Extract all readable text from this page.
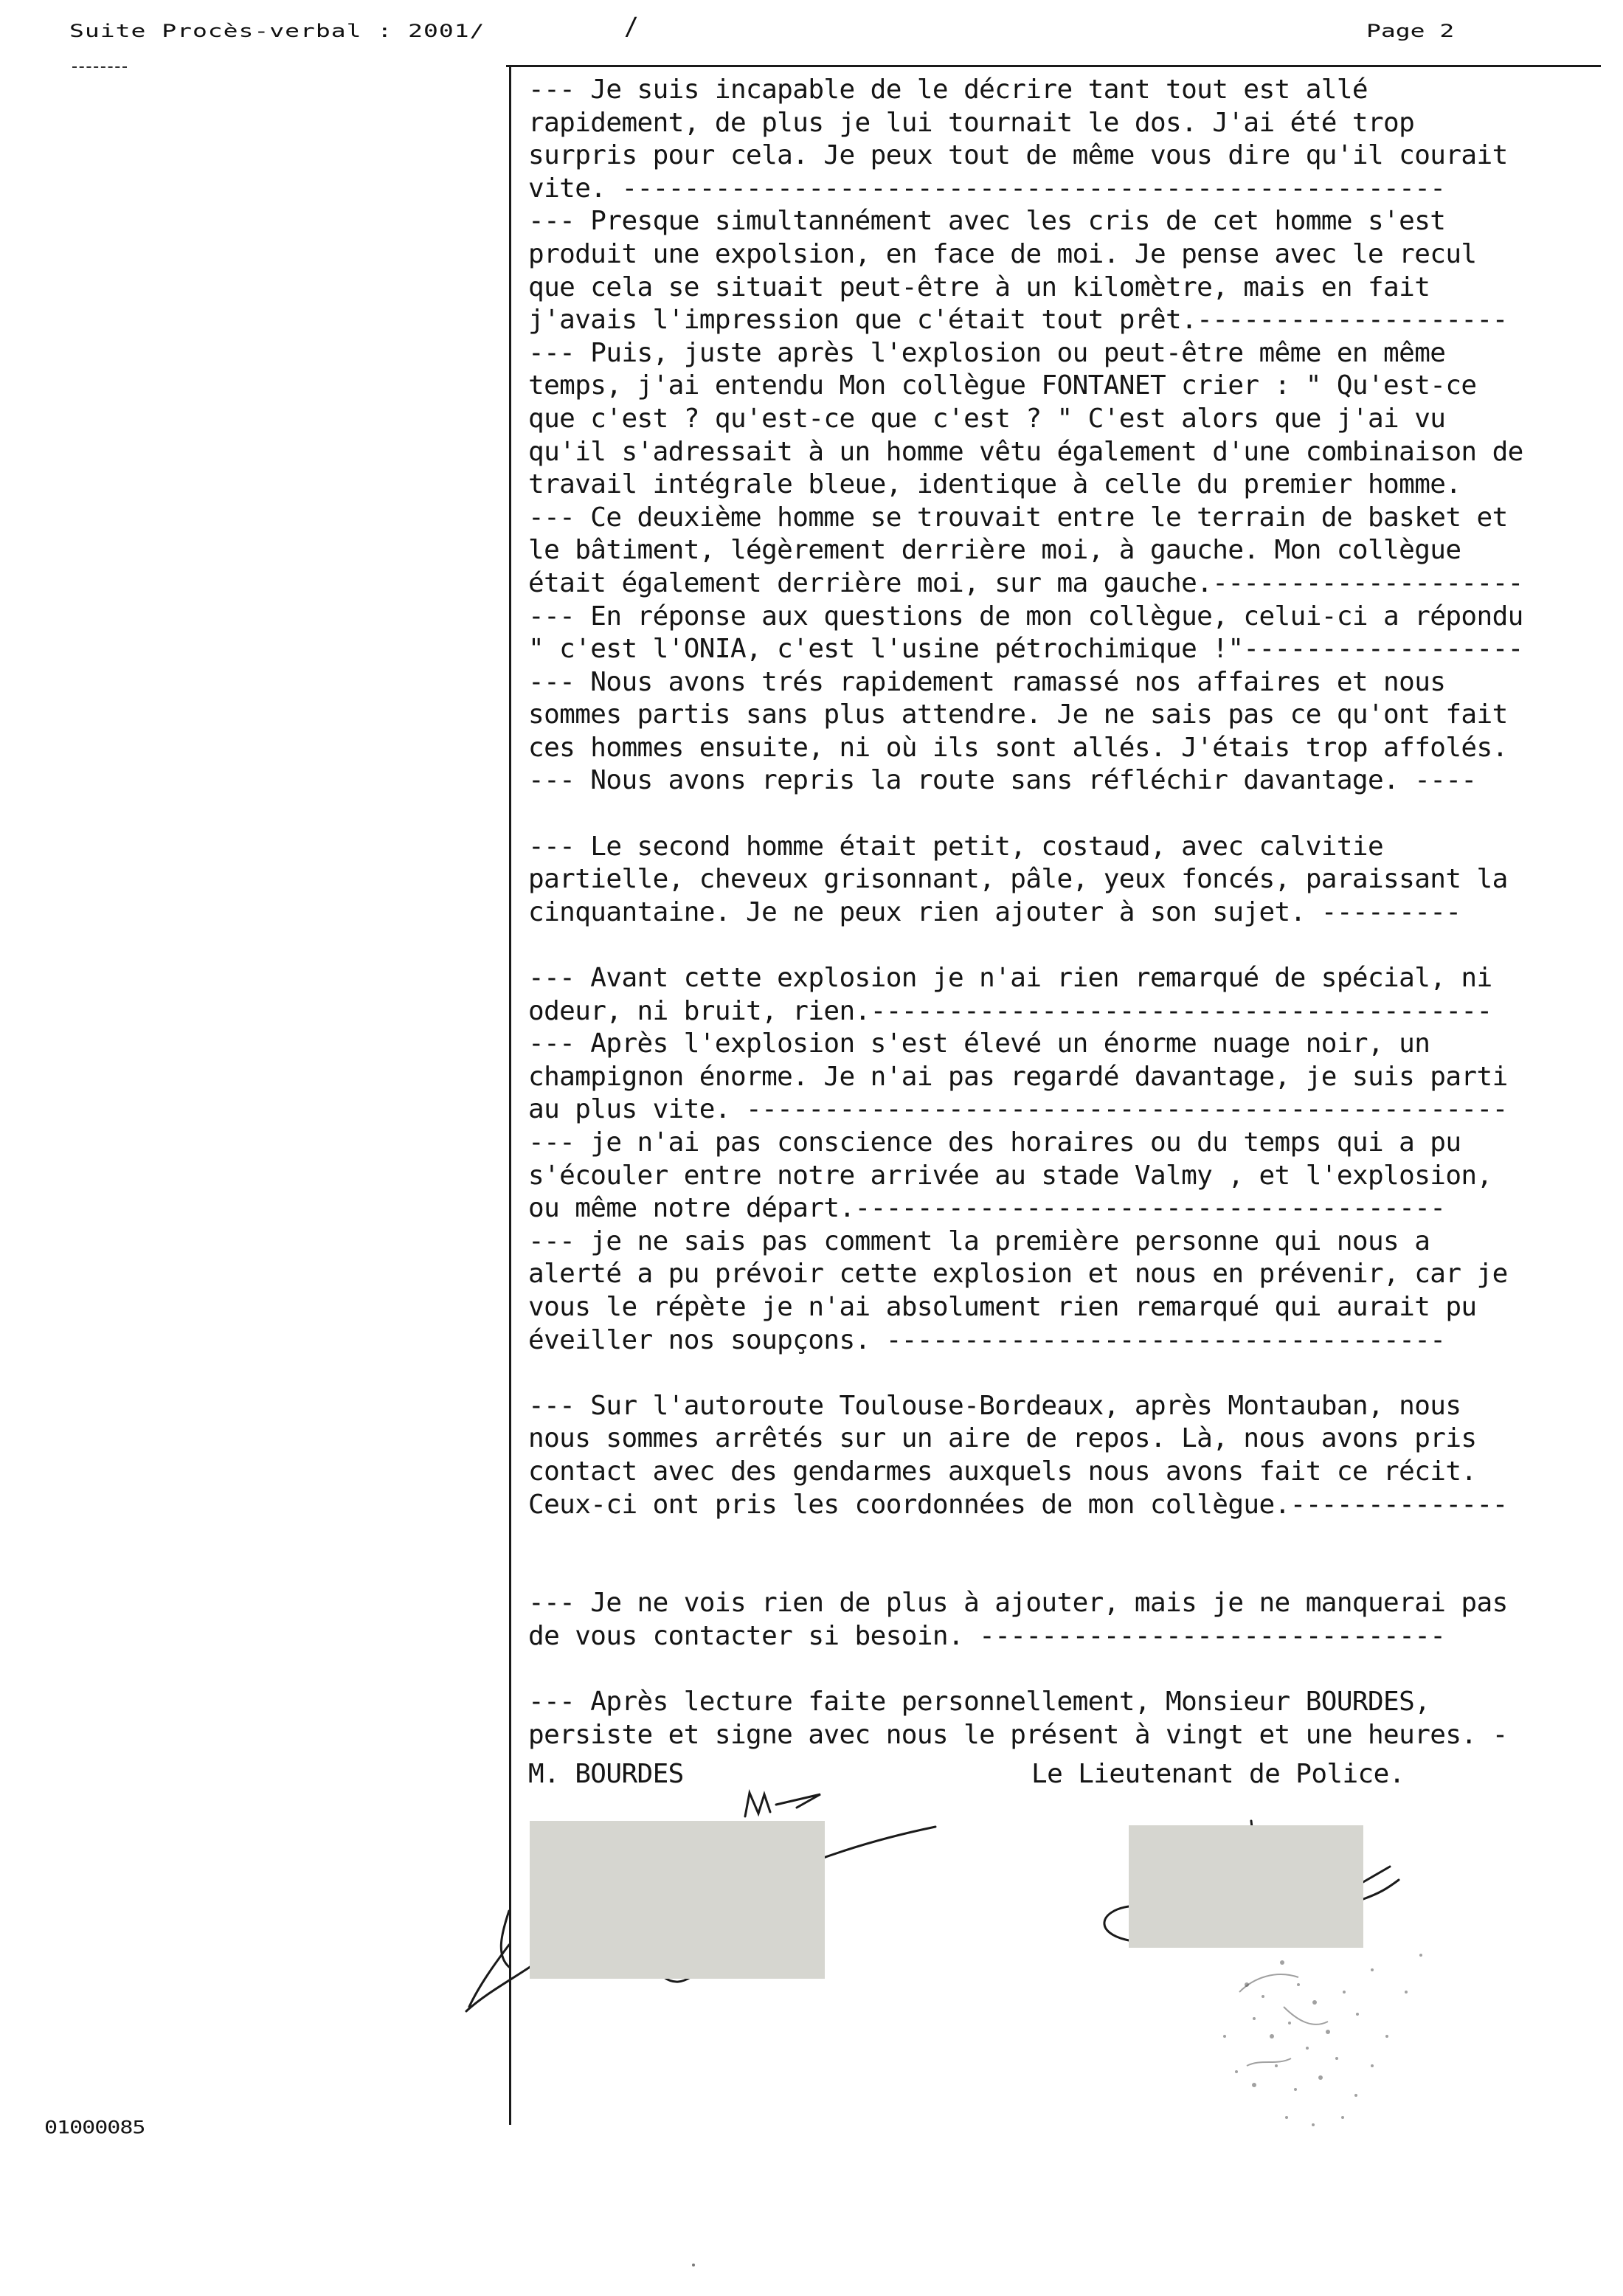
Suite Procès-verbal : 2001/	/	Page 2
--- Je suis incapable de le décrire tant tout est allé
rapidement, de plus je lui tournait le dos. J'ai été trop
surpris pour cela. Je peux tout de même vous dire qu'il courait
vite. -----------------------------------------------------
--- Presque simultannément avec les cris de cet homme s'est
produit une expolsion, en face de moi. Je pense avec le recul
que cela se situait peut-être à un kilomètre, mais en fait
j'avais l'impression que c'était tout prêt.--------------------
--- Puis, juste après l'explosion ou peut-être même en même
temps, j'ai entendu Mon collègue FONTANET crier : " Qu'est-ce
que c'est ? qu'est-ce que c'est ? " C'est alors que j'ai vu
qu'il s'adressait à un homme vêtu également d'une combinaison de
travail intégrale bleue, identique à celle du premier homme.
--- Ce deuxième homme se trouvait entre le terrain de basket et
le bâtiment, légèrement derrière moi, à gauche. Mon collègue
était également derrière moi, sur ma gauche.--------------------
--- En réponse aux questions de mon collègue, celui-ci a répondu
" c'est l'ONIA, c'est l'usine pétrochimique !"------------------
--- Nous avons trés rapidement ramassé nos affaires et nous
sommes partis sans plus attendre. Je ne sais pas ce qu'ont fait
ces hommes ensuite, ni où ils sont allés. J'étais trop affolés.
--- Nous avons repris la route sans réfléchir davantage. ----
--- Le second homme était petit, costaud, avec calvitie
partielle, cheveux grisonnant, pâle, yeux foncés, paraissant la
cinquantaine. Je ne peux rien ajouter à son sujet. ---------
--- Avant cette explosion je n'ai rien remarqué de spécial, ni
odeur, ni bruit, rien.----------------------------------------
--- Après l'explosion s'est élevé un énorme nuage noir, un
champignon énorme. Je n'ai pas regardé davantage, je suis parti
au plus vite. -------------------------------------------------
--- je n'ai pas conscience des horaires ou du temps qui a pu
s'écouler entre notre arrivée au stade Valmy , et l'explosion,
ou même notre départ.--------------------------------------
--- je ne sais pas comment la première personne qui nous a
alerté a pu prévoir cette explosion et nous en prévenir, car je
vous le répète je n'ai absolument rien remarqué qui aurait pu
éveiller nos soupçons. ------------------------------------
--- Sur l'autoroute Toulouse-Bordeaux, après Montauban, nous
nous sommes arrêtés sur un aire de repos. Là, nous avons pris
contact avec des gendarmes auxquels nous avons fait ce récit.
Ceux-ci ont pris les coordonnées de mon collègue.--------------
--- Je ne vois rien de plus à ajouter, mais je ne manquerai pas
de vous contacter si besoin. ------------------------------
--- Après lecture faite personnellement, Monsieur BOURDES,
persiste et signe avec nous le présent à vingt et une heures. -

M. BOURDES

	Le Lieutenant de Police.

01000085
